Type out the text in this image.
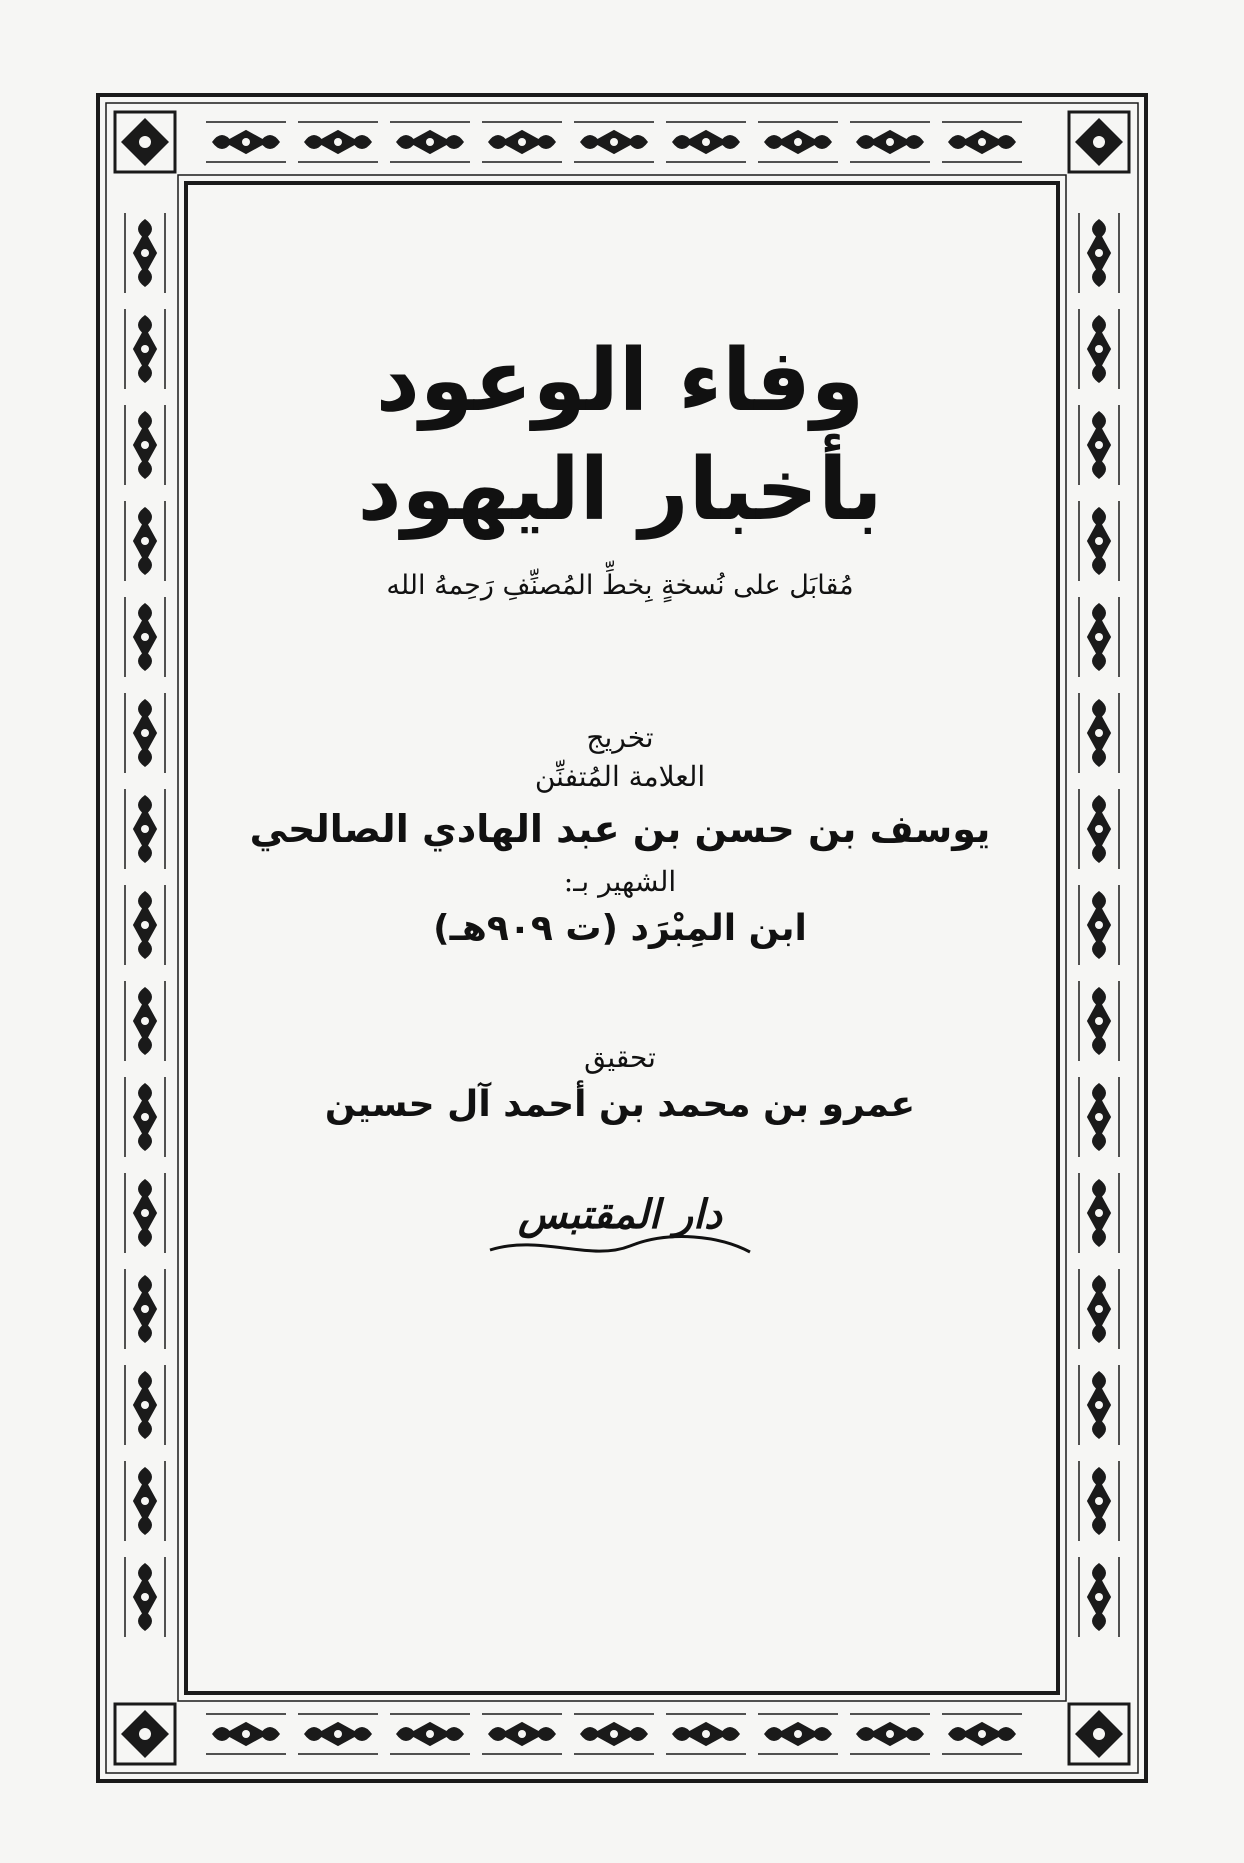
وفاء الوعود
بأخبار اليهود
مُقابَل على نُسخةٍ بِخطِّ المُصنِّفِ رَحِمهُ الله
تخريج
العلامة المُتفنِّن
يوسف بن حسن بن عبد الهادي الصالحي
الشهير بـ:
ابن المِبْرَد (ت ٩٠٩هـ)
تحقيق
عمرو بن محمد بن أحمد آل حسين
دار المقتبس
